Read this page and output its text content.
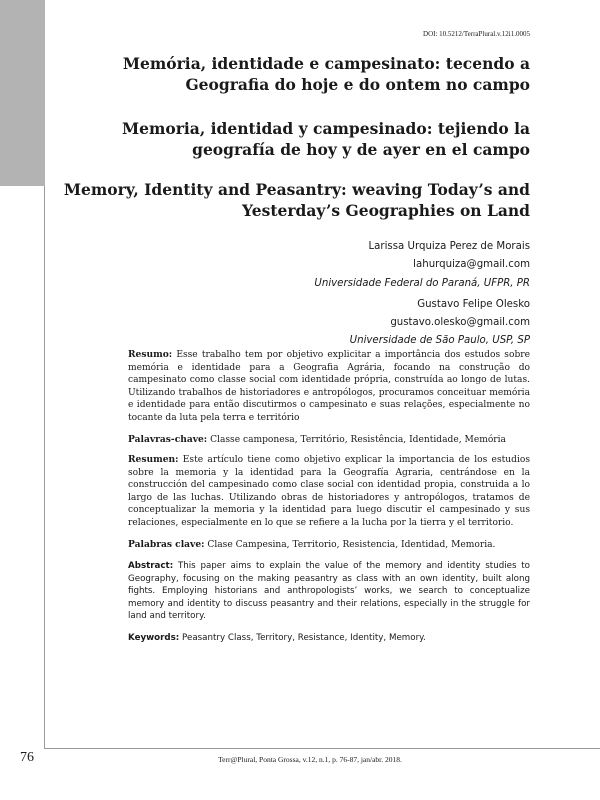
DOI: 10.5212/TerraPlural.v.12i1.0005
Memória, identidade e campesinato: tecendo a Geografia do hoje e do ontem no campo
Memoria, identidad y campesinado: tejiendo la geografía de hoy y de ayer en el campo
Memory, Identity and Peasantry: weaving Today’s and Yesterday’s Geographies on Land
Larissa Urquiza Perez de Morais
lahurquiza@gmail.com
Universidade Federal do Paraná, UFPR, PR
Gustavo Felipe Olesko
gustavo.olesko@gmail.com
Universidade de São Paulo, USP, SP

Resumo: Esse trabalho tem por objetivo explicitar a importância dos estudos sobre memória e identidade para a Geografia Agrária, focando na construção do campesinato como classe social com identidade própria, construída ao longo de lutas. Utilizando trabalhos de historiadores e antropólogos, procuramos conceituar memória e identidade para então discutirmos o campesinato e suas relações, especialmente no tocante da luta pela terra e território

Palavras-chave: Classe camponesa, Território, Resistência, Identidade, Memória

Resumen: Este artículo tiene como objetivo explicar la importancia de los estudios sobre la memoria y la identidad para la Geografía Agraria, centrándose en la construcción del campesinado como clase social con identidad propia, construida a lo largo de las luchas. Utilizando obras de historiadores y antropólogos, tratamos de conceptualizar la memoria y la identidad para luego discutir el campesinado y sus relaciones, especialmente en lo que se refiere a la lucha por la tierra y el territorio.

Palabras clave: Clase Campesina, Territorio, Resistencia, Identidad, Memoria.

Abstract: This paper aims to explain the value of the memory and identity studies to Geography, focusing on the making peasantry as class with an own identity, built along fights. Employing historians and anthropologists’ works, we search to conceptualize memory and identity to discuss peasantry and their relations, especially in the struggle for land and territory.

Keywords: Peasantry Class, Territory, Resistance, Identity, Memory.

76	Terr@Plural, Ponta Grossa, v.12, n.1, p. 76-87, jan/abr. 2018.
